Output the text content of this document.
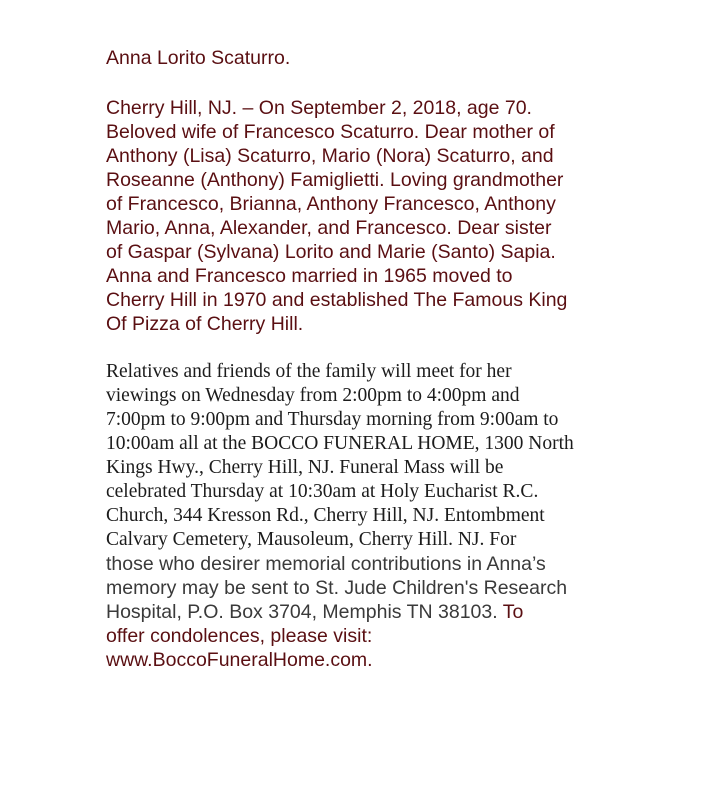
Anna Lorito Scaturro.

Cherry Hill, NJ. – On September 2, 2018, age 70.
Beloved wife of Francesco Scaturro. Dear mother of
Anthony (Lisa) Scaturro, Mario (Nora) Scaturro, and
Roseanne (Anthony) Famiglietti. Loving grandmother
of Francesco, Brianna, Anthony Francesco, Anthony
Mario, Anna, Alexander, and Francesco. Dear sister
of Gaspar (Sylvana) Lorito and Marie (Santo) Sapia.
Anna and Francesco married in 1965 moved to
Cherry Hill in 1970 and established The Famous King
Of Pizza of Cherry Hill.

Relatives and friends of the family will meet for her
viewings on Wednesday from 2:00pm to 4:00pm and
7:00pm to 9:00pm and Thursday morning from 9:00am to
10:00am all at the BOCCO FUNERAL HOME, 1300 North
Kings Hwy., Cherry Hill, NJ. Funeral Mass will be
celebrated Thursday at 10:30am at Holy Eucharist R.C.
Church, 344 Kresson Rd., Cherry Hill, NJ. Entombment
Calvary Cemetery, Mausoleum, Cherry Hill. NJ. For

those who desirer memorial contributions in Anna’s
memory may be sent to St. Jude Children's Research
Hospital, P.O. Box 3704, Memphis TN 38103. To

offer condolences, please visit:
www.BoccoFuneralHome.com.
